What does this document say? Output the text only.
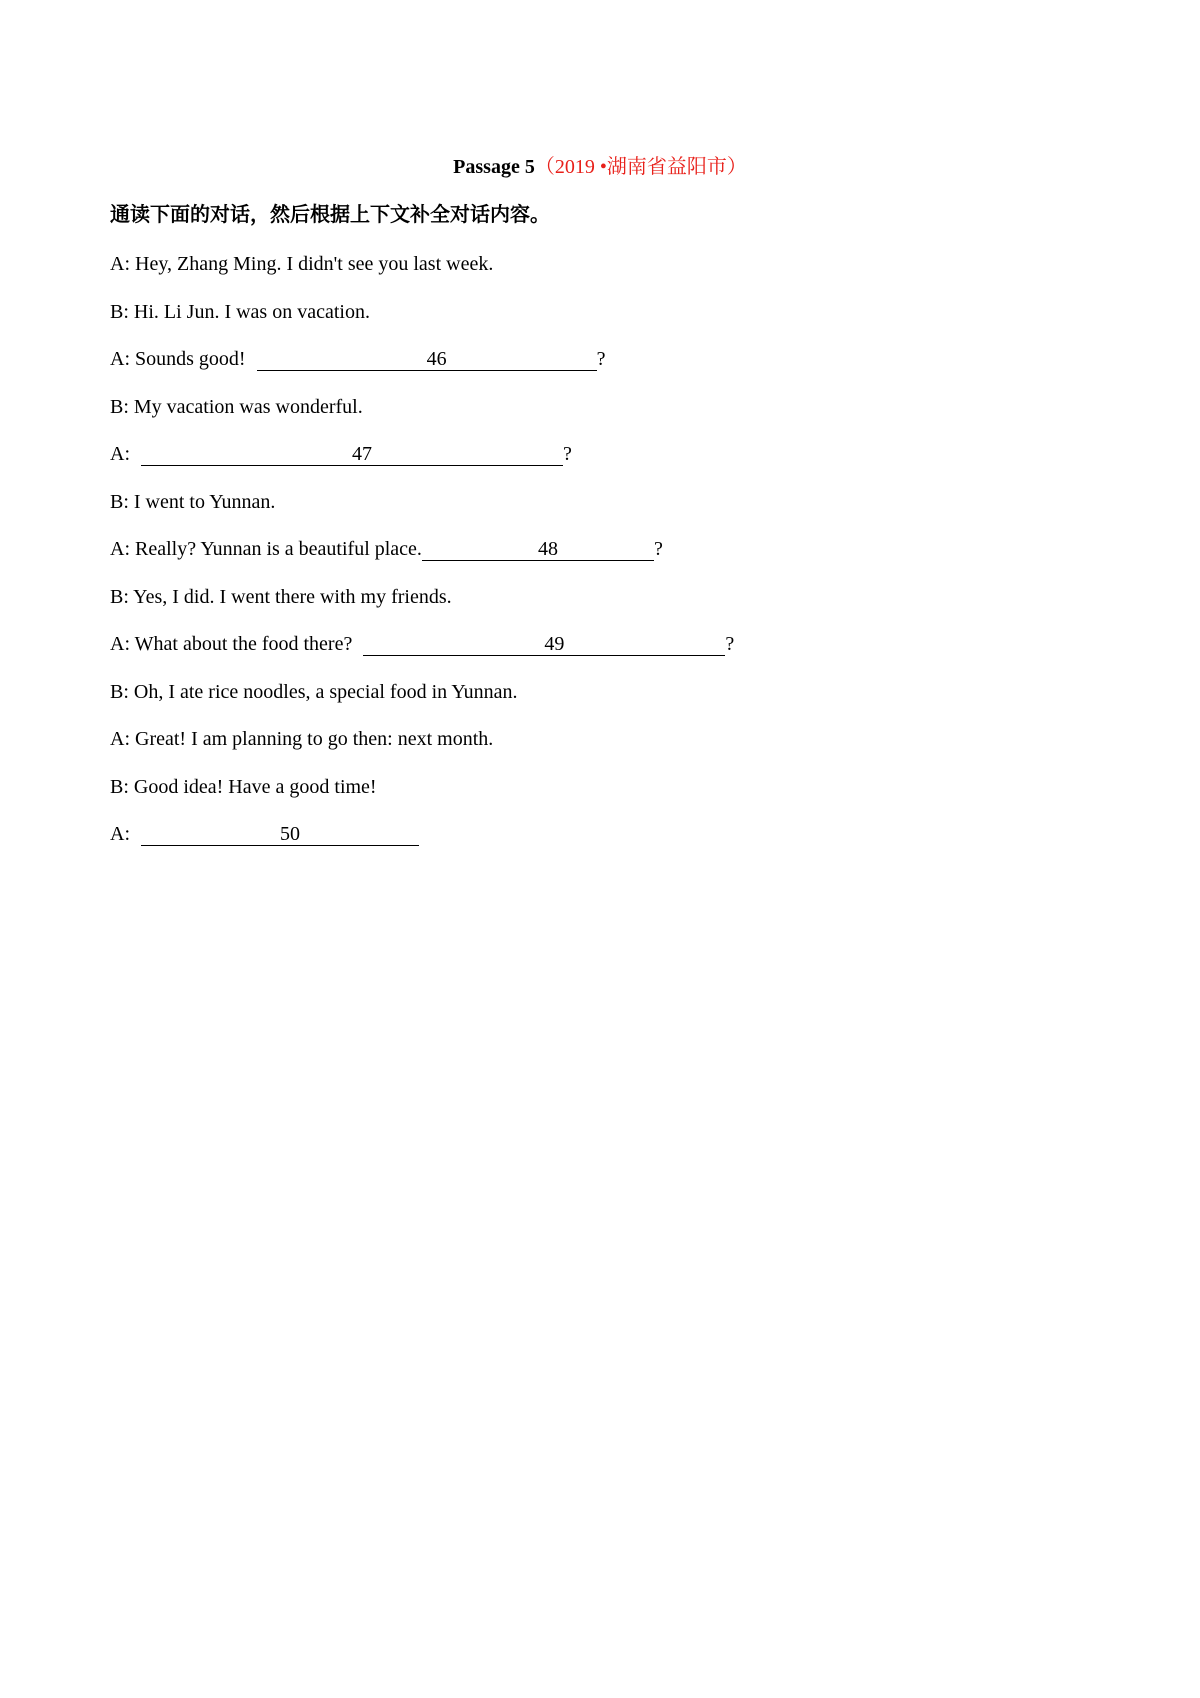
Passage 5（2019 •湖南省益阳市）
通读下面的对话，然后根据上下文补全对话内容。
A: Hey, Zhang Ming. I didn't see you last week.
B: Hi. Li Jun. I was on vacation.
A: Sounds good!	46	?
B: My vacation was wonderful.
A:	47	?
B: I went to Yunnan.
A: Really? Yunnan is a beautiful place.	48	?
B: Yes, I did. I went there with my friends.
A: What about the food there?	49	?
B: Oh, I ate rice noodles, a special food in Yunnan.
A: Great! I am planning to go then: next month.
B: Good idea! Have a good time!
A:	50
